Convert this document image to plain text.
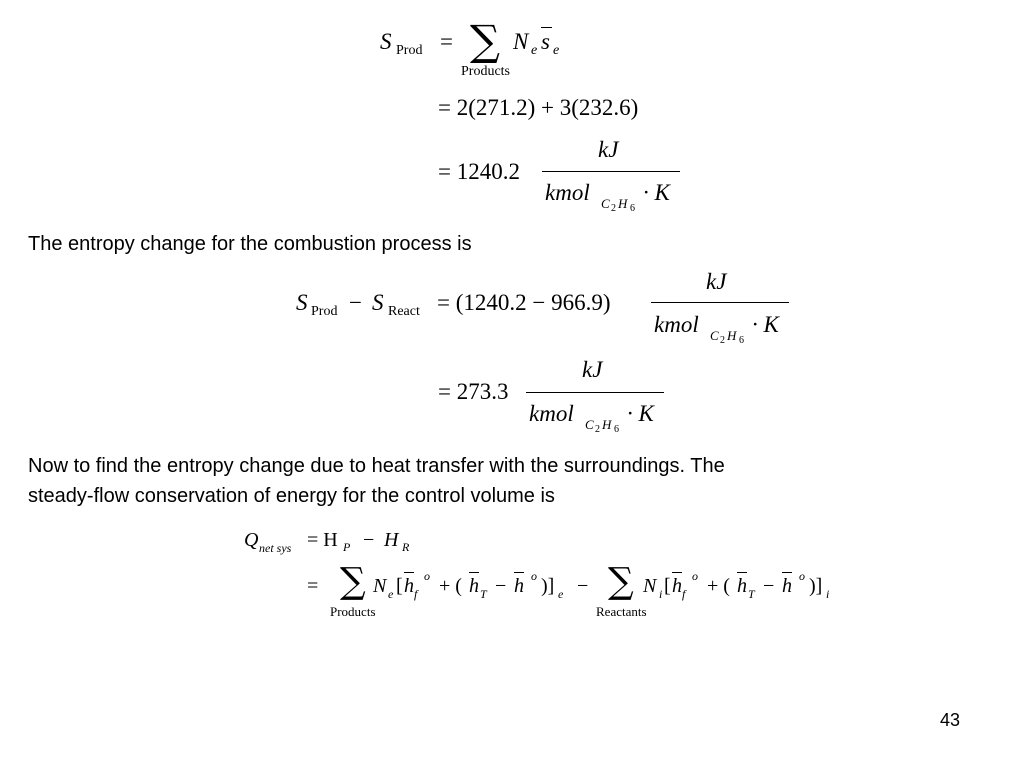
S Prod = ∑
Products
N e s e
= 2(271.2) + 3(232.6)
= 1240.2
kJ
kmol C 2 H 6
· K
The entropy change for the combustion process is
S Prod − S React = (1240.2 − 966.9)
kJ
kmol C 2 H 6
· K
= 273.3
kJ
kmol C 2 H 6
· K
Now to find the entropy change due to heat transfer with the surroundings. The
steady-flow conservation of energy for the control volume is
Q net sys = H P − H R
= ∑
Products
N e [ h f
o + ( h T − h o )] e − ∑
Reactants
N i [ h f
o + ( h T − h o )] i
43
